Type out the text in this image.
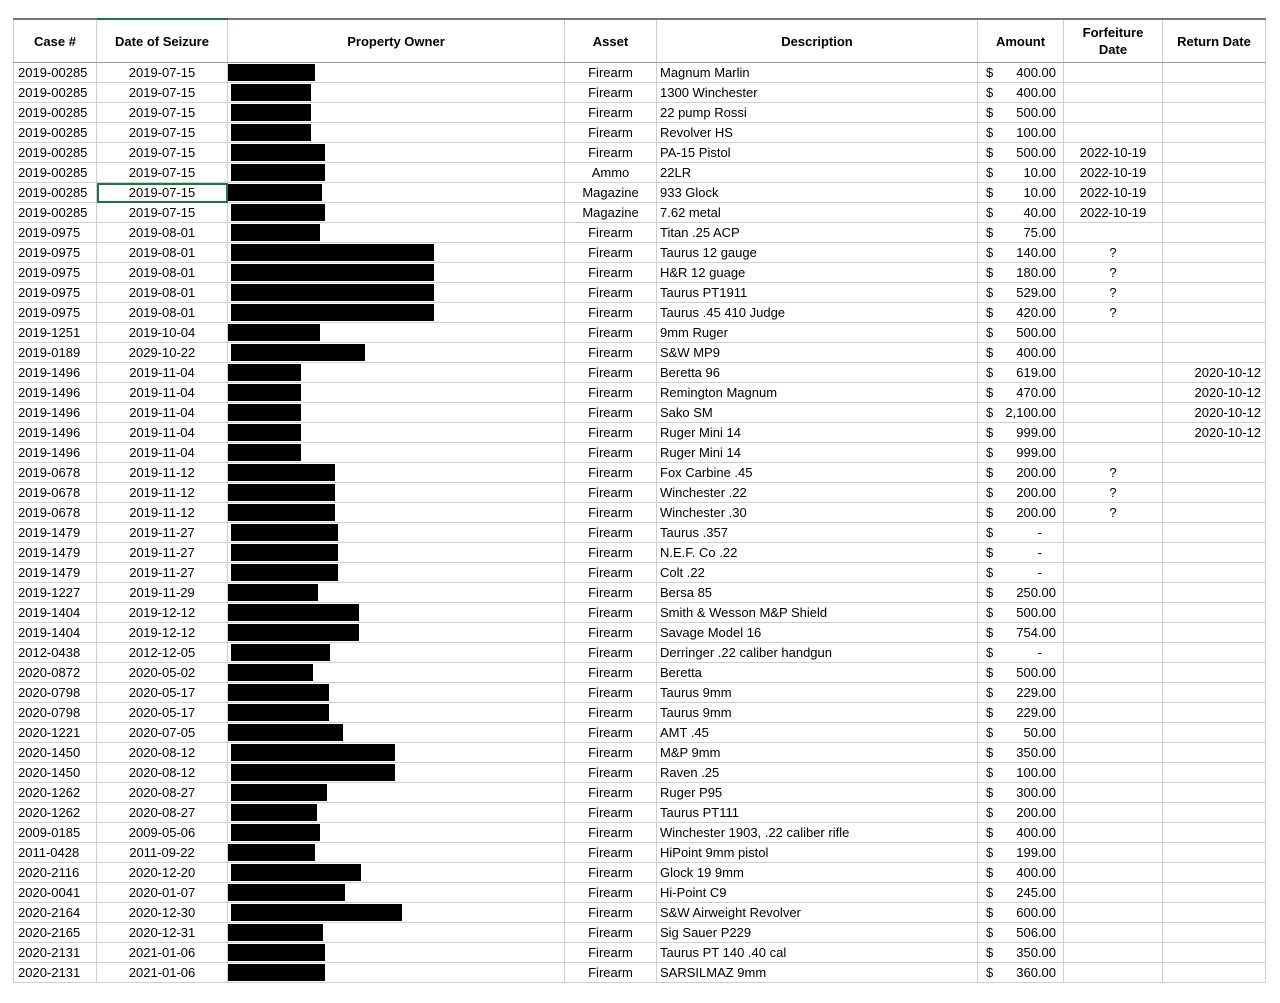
Case #	Date of Seizure	Property Owner	Asset	Description	Amount	Forfeiture Date	Return Date
2019-00285	2019-07-15		Firearm	Magnum Marlin	$ 400.00		

2019-00285	2019-07-15		Firearm	1300 Winchester	$ 400.00		

2019-00285	2019-07-15		Firearm	22 pump Rossi	$ 500.00		

2019-00285	2019-07-15		Firearm	Revolver HS	$ 100.00		

2019-00285	2019-07-15		Firearm	PA-15 Pistol	$ 500.00	2022-10-19	
2019-00285	2019-07-15		Ammo	22LR	$ 10.00	2022-10-19	
2019-00285	2019-07-15		Magazine	933 Glock	$ 10.00	2022-10-19	
2019-00285	2019-07-15		Magazine	7.62 metal	$ 40.00	2022-10-19	
2019-0975	2019-08-01		Firearm	Titan .25 ACP	$ 75.00		

2019-0975	2019-08-01		Firearm	Taurus 12 gauge	$ 140.00	?	
2019-0975	2019-08-01		Firearm	H&R 12 guage	$ 180.00	?	
2019-0975	2019-08-01		Firearm	Taurus PT1911	$ 529.00	?	
2019-0975	2019-08-01		Firearm	Taurus .45 410 Judge	$ 420.00	?	
2019-1251	2019-10-04		Firearm	9mm Ruger	$ 500.00		

2019-0189	2029-10-22		Firearm	S&W MP9	$ 400.00		

2019-1496	2019-11-04		Firearm	Beretta 96	$ 619.00		2020-10-12
2019-1496	2019-11-04		Firearm	Remington Magnum	$ 470.00		2020-10-12
2019-1496	2019-11-04		Firearm	Sako SM	$ 2,100.00		2020-10-12
2019-1496	2019-11-04		Firearm	Ruger Mini 14	$ 999.00		2020-10-12
2019-1496	2019-11-04		Firearm	Ruger Mini 14	$ 999.00		

2019-0678	2019-11-12		Firearm	Fox Carbine .45	$ 200.00	?	
2019-0678	2019-11-12		Firearm	Winchester .22	$ 200.00	?	
2019-0678	2019-11-12		Firearm	Winchester .30	$ 200.00	?	
2019-1479	2019-11-27		Firearm	Taurus .357	$ -		

2019-1479	2019-11-27		Firearm	N.E.F. Co .22	$ -		

2019-1479	2019-11-27		Firearm	Colt .22	$ -		

2019-1227	2019-11-29		Firearm	Bersa 85	$ 250.00		

2019-1404	2019-12-12		Firearm	Smith & Wesson M&P Shield	$ 500.00		

2019-1404	2019-12-12		Firearm	Savage Model 16	$ 754.00		

2012-0438	2012-12-05		Firearm	Derringer .22 caliber handgun	$ -		

2020-0872	2020-05-02		Firearm	Beretta	$ 500.00		

2020-0798	2020-05-17		Firearm	Taurus 9mm	$ 229.00		

2020-0798	2020-05-17		Firearm	Taurus 9mm	$ 229.00		

2020-1221	2020-07-05		Firearm	AMT .45	$ 50.00		

2020-1450	2020-08-12		Firearm	M&P 9mm	$ 350.00		

2020-1450	2020-08-12		Firearm	Raven .25	$ 100.00		

2020-1262	2020-08-27		Firearm	Ruger P95	$ 300.00		

2020-1262	2020-08-27		Firearm	Taurus PT111	$ 200.00		

2009-0185	2009-05-06		Firearm	Winchester 1903, .22 caliber rifle	$ 400.00		

2011-0428	2011-09-22		Firearm	HiPoint 9mm pistol	$ 199.00		

2020-2116	2020-12-20		Firearm	Glock 19 9mm	$ 400.00		

2020-0041	2020-01-07		Firearm	Hi-Point C9	$ 245.00		

2020-2164	2020-12-30		Firearm	S&W Airweight Revolver	$ 600.00		

2020-2165	2020-12-31		Firearm	Sig Sauer P229	$ 506.00		

2020-2131	2021-01-06		Firearm	Taurus PT 140 .40 cal	$ 350.00		

2020-2131	2021-01-06		Firearm	SARSILMAZ 9mm	$ 360.00		
